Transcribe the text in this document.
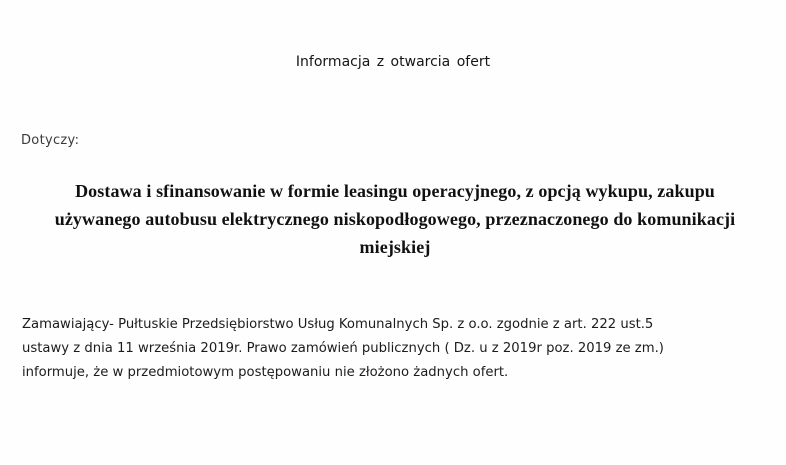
Informacja z otwarcia ofert
Dotyczy:
Dostawa i sfinansowanie w formie leasingu operacyjnego, z opcją wykupu, zakupu
używanego autobusu elektrycznego niskopodłogowego, przeznaczonego do komunikacji
miejskiej
Zamawiający- Pułtuskie Przedsiębiorstwo Usług Komunalnych Sp. z o.o. zgodnie z art. 222 ust.5
ustawy z dnia 11 września 2019r. Prawo zamówień publicznych ( Dz. u z 2019r poz. 2019 ze zm.)
informuje, że w przedmiotowym postępowaniu nie złożono żadnych ofert.
